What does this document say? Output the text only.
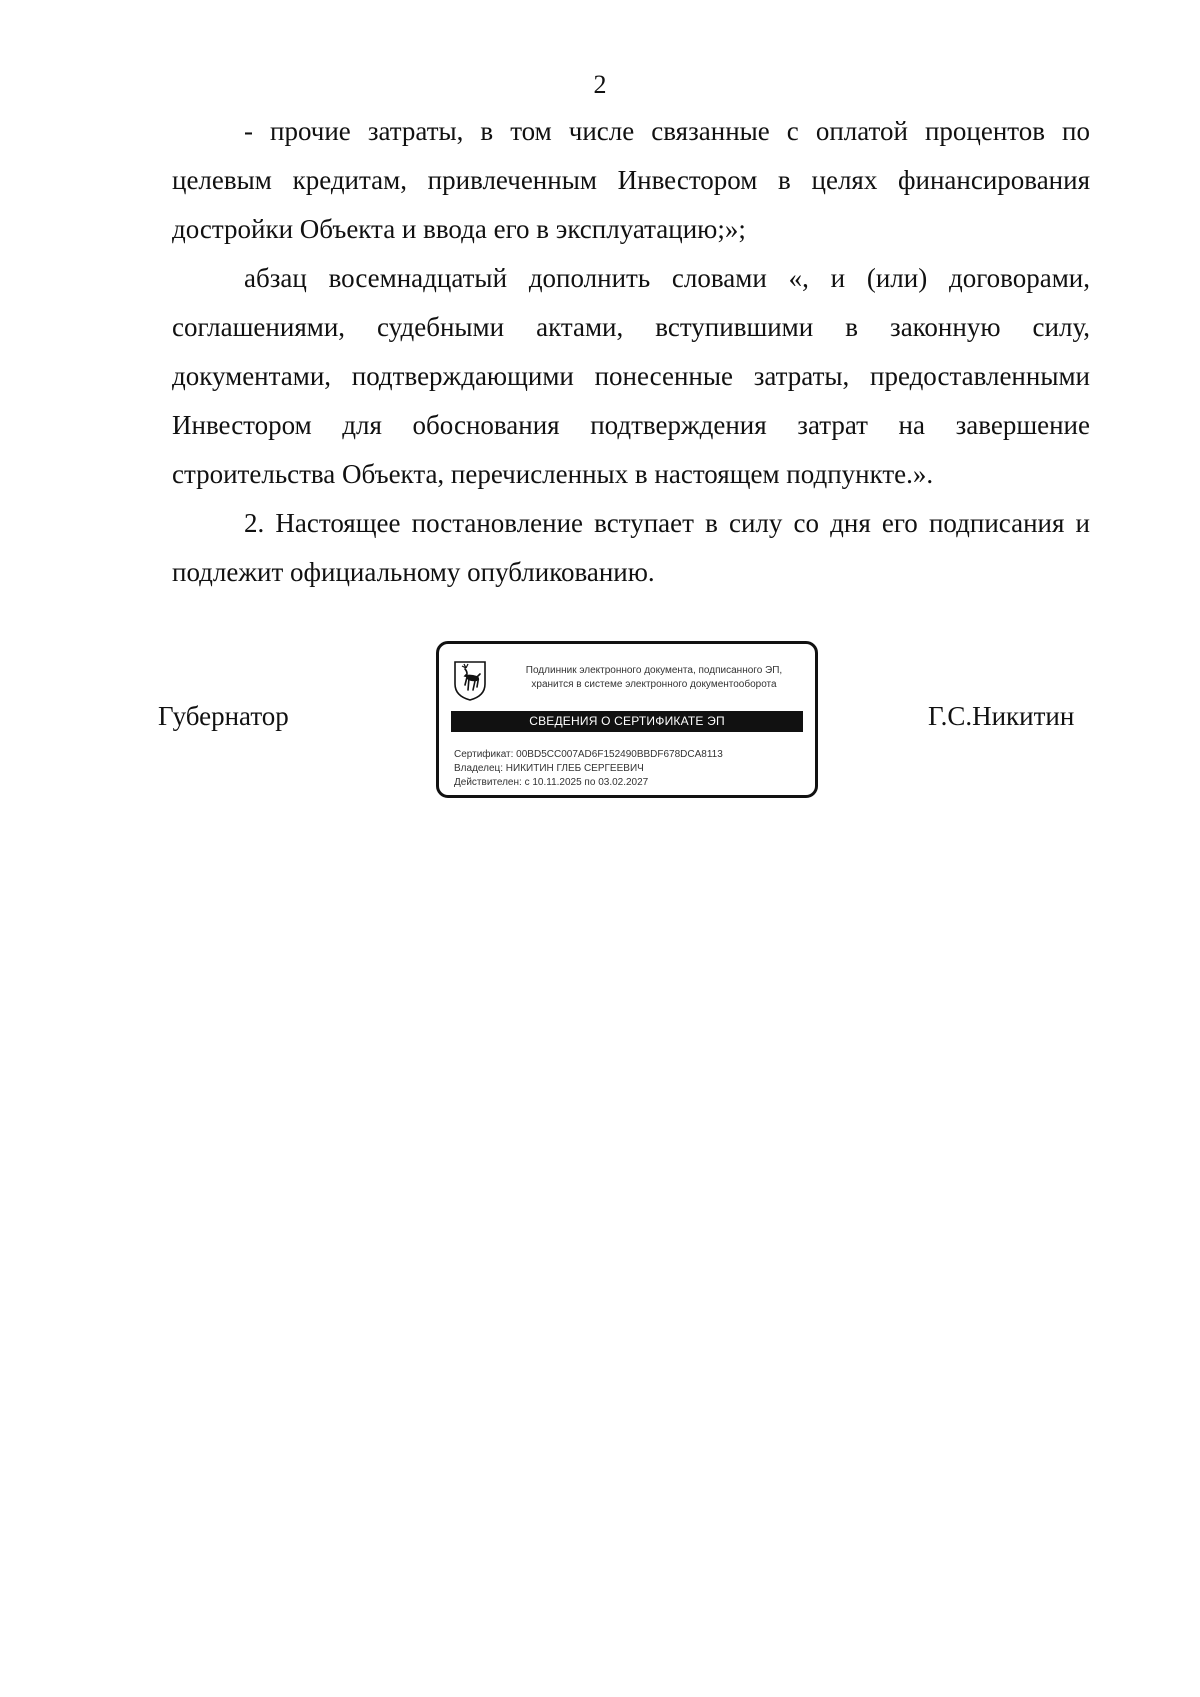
2

- прочие затраты, в том числе связанные с оплатой процентов по целевым кредитам, привлеченным Инвестором в целях финансирования достройки Объекта и ввода его в эксплуатацию;»;

абзац восемнадцатый дополнить словами «, и (или) договорами, соглашениями, судебными актами, вступившими в законную силу, документами, подтверждающими понесенные затраты, предоставленными Инвестором для обоснования подтверждения затрат на завершение строительства Объекта, перечисленных в настоящем подпункте.».

2. Настоящее постановление вступает в силу со дня его подписания и подлежит официальному опубликованию.

Губернатор
Подлинник электронного документа, подписанного ЭП,
хранится в системе электронного документооборота
СВЕДЕНИЯ О СЕРТИФИКАТЕ ЭП
Сертификат: 00BD5CC007AD6F152490BBDF678DCA8113
Владелец: НИКИТИН ГЛЕБ СЕРГЕЕВИЧ
Действителен: с 10.11.2025 по 03.02.2027
Г.С.Никитин
